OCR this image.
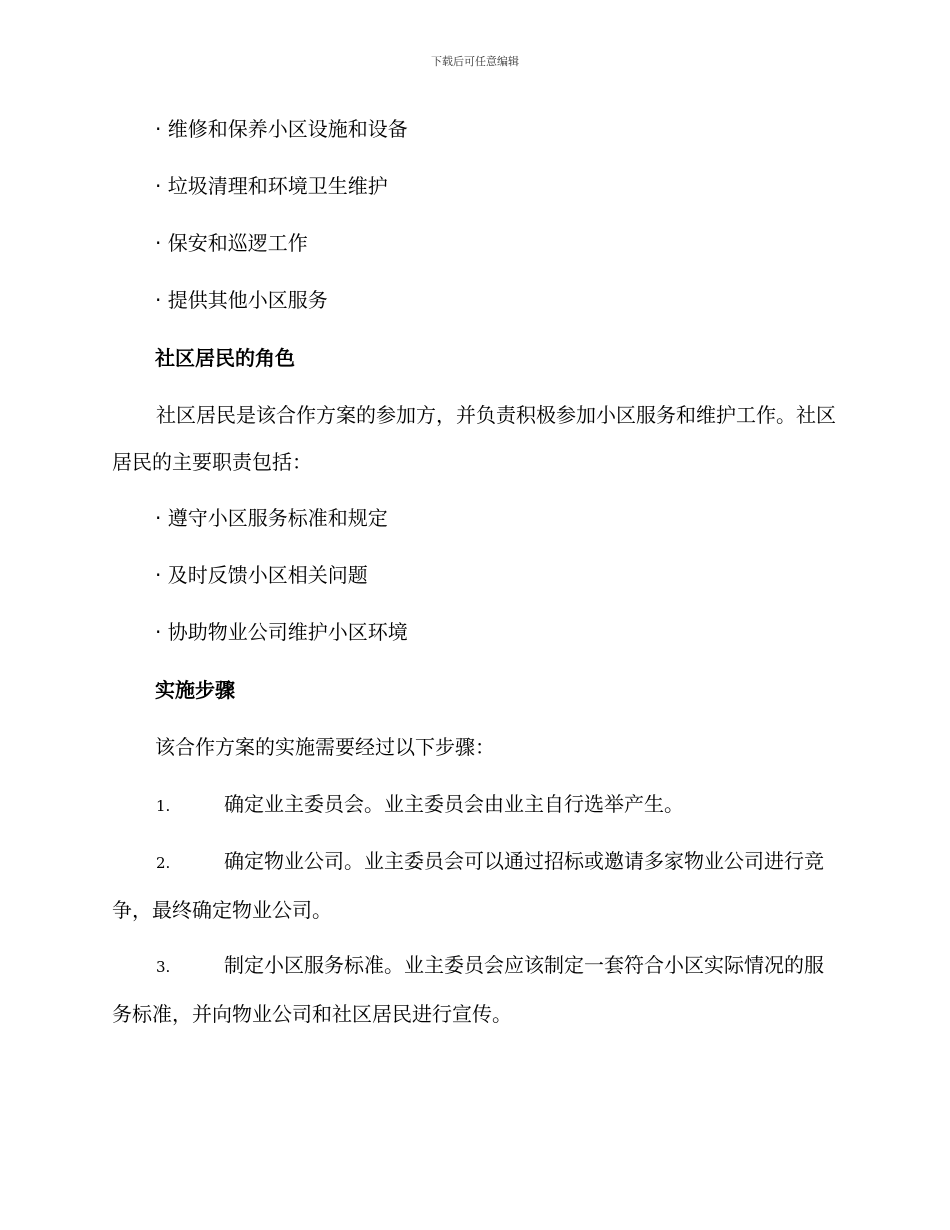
下载后可任意编辑
· 维修和保养小区设施和设备
· 垃圾清理和环境卫生维护
· 保安和巡逻工作
· 提供其他小区服务
社区居民的角色
社区居民是该合作方案的参加方，并负责积极参加小区服务和维护工作。社区居民的主要职责包括：
· 遵守小区服务标准和规定
· 及时反馈小区相关问题
· 协助物业公司维护小区环境
实施步骤
该合作方案的实施需要经过以下步骤：
1.	确定业主委员会。业主委员会由业主自行选举产生。
2.	确定物业公司。业主委员会可以通过招标或邀请多家物业公司进行竞争，最终确定物业公司。
3.	制定小区服务标准。业主委员会应该制定一套符合小区实际情况的服务标准，并向物业公司和社区居民进行宣传。
